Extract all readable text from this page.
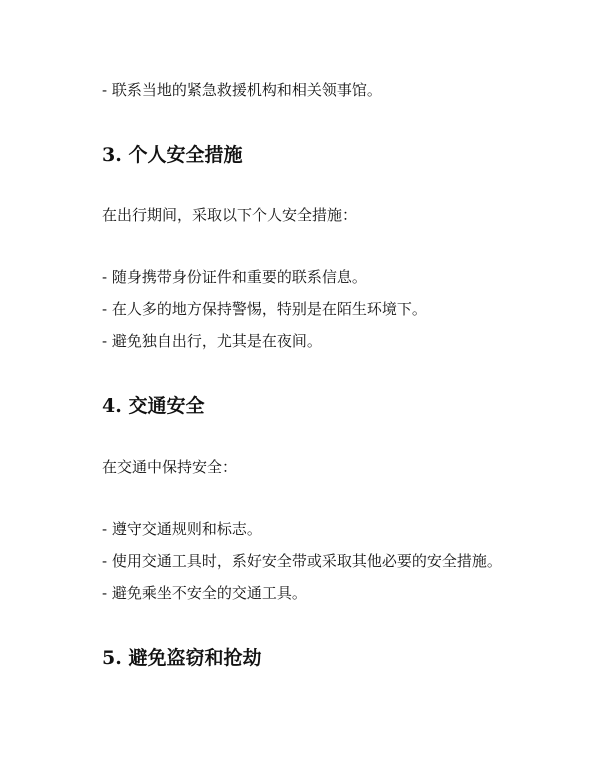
- 联系当地的紧急救援机构和相关领事馆。
3. 个人安全措施
在出行期间，采取以下个人安全措施：
- 随身携带身份证件和重要的联系信息。
- 在人多的地方保持警惕，特别是在陌生环境下。
- 避免独自出行，尤其是在夜间。
4. 交通安全
在交通中保持安全：
- 遵守交通规则和标志。
- 使用交通工具时，系好安全带或采取其他必要的安全措施。
- 避免乘坐不安全的交通工具。
5. 避免盗窃和抢劫
